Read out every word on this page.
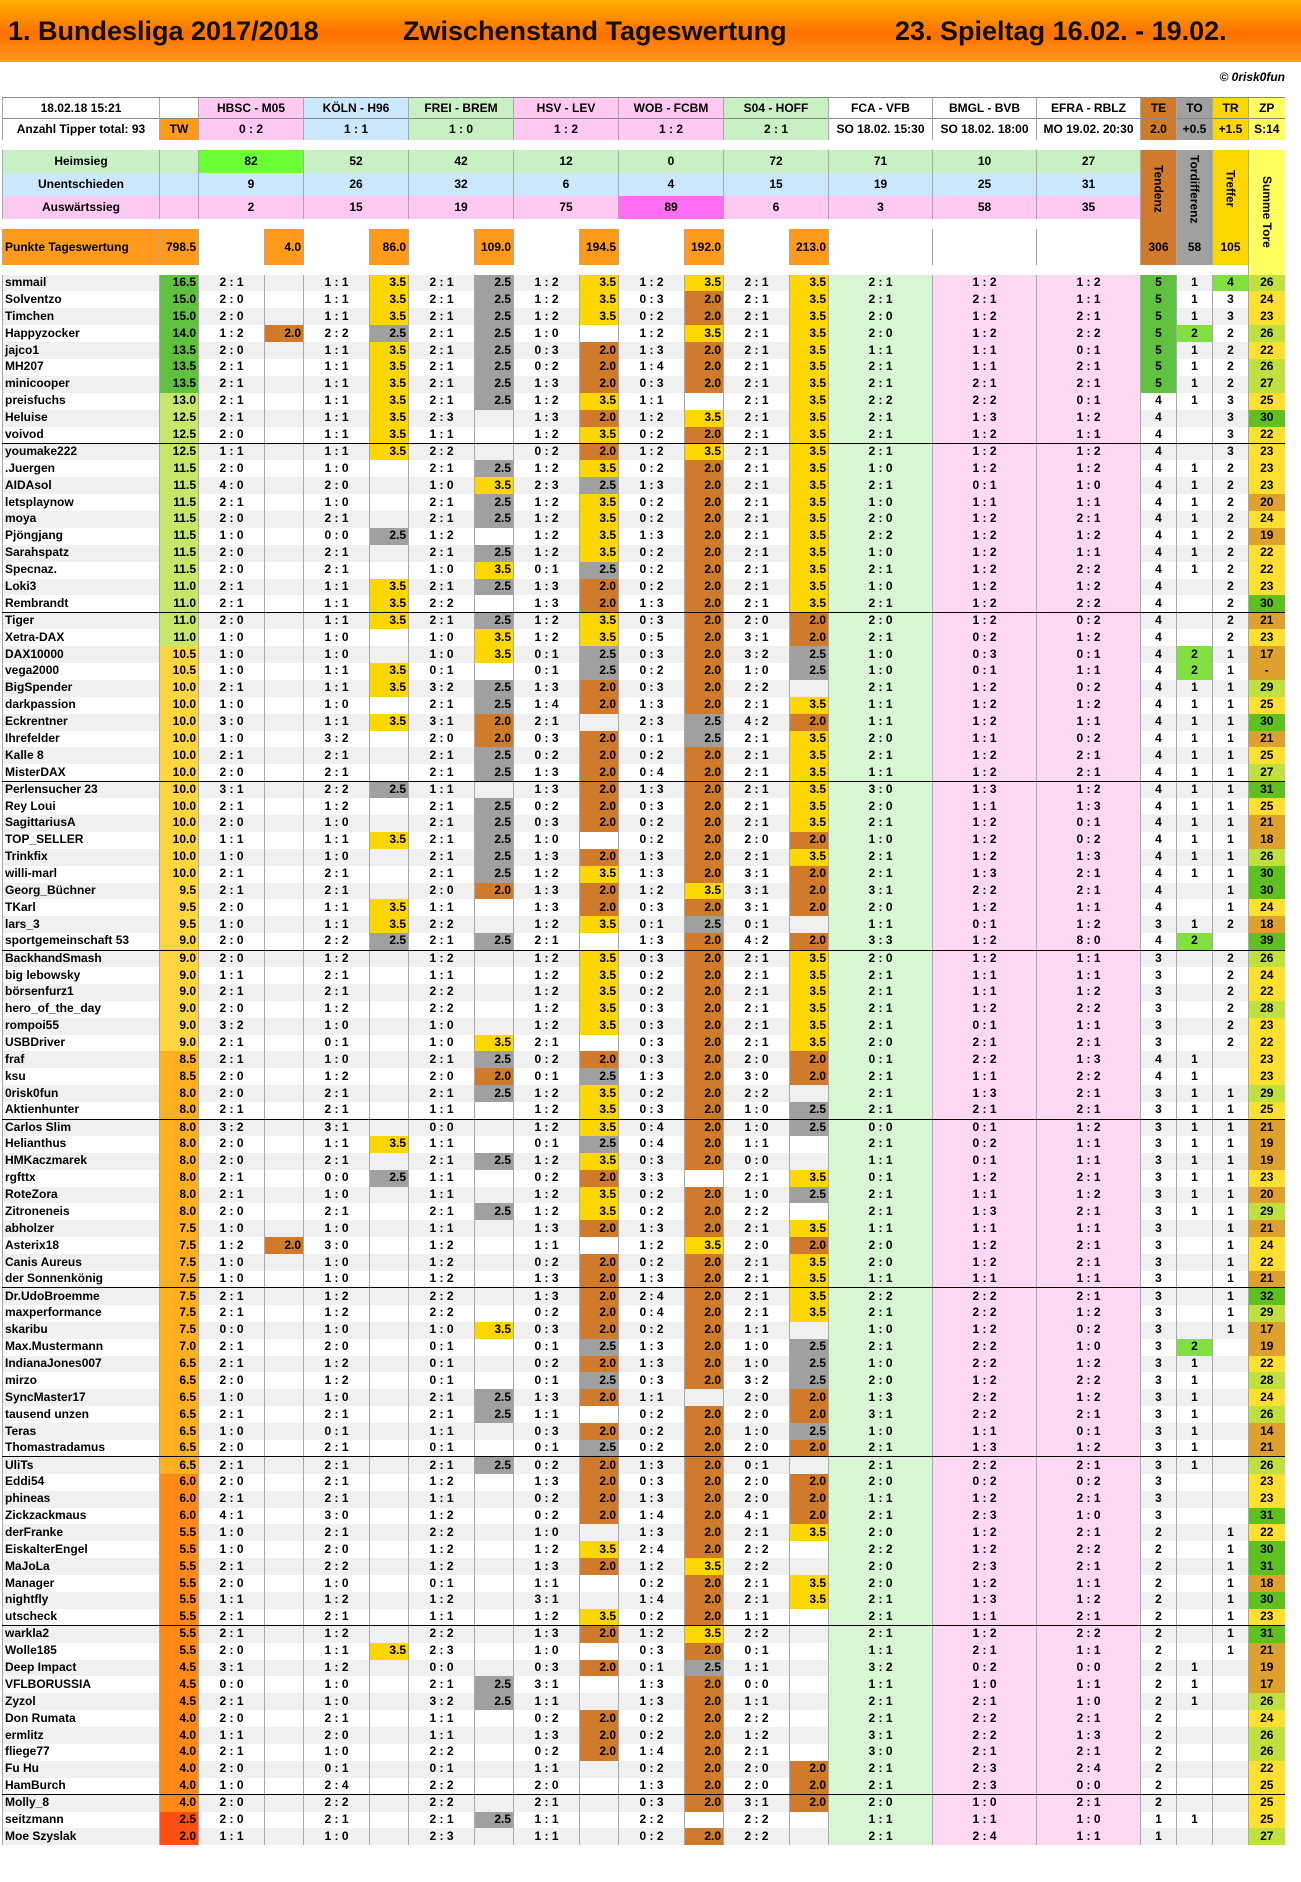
1. Bundesliga 2017/2018	Zwischenstand Tageswertung	23. Spieltag 16.02. - 19.02.
© 0risk0fun
18.02.18 15:21		HBSC - M05		KÖLN - H96		FREI - BREM		HSV - LEV		WOB - FCBM		S04 - HOFF		FCA - VFB	BMGL - BVB	EFRA - RBLZ	TE	TO	TR	ZP
Anzahl Tipper total: 93	TW	0 : 2		1 : 1		1 : 0		1 : 2		1 : 2		2 : 1		SO 18.02. 15:30	SO 18.02. 18:00	MO 19.02. 20:30	2.0	+0.5	+1.5	S:14

Heimsieg		82		52		42		12		0		72		71	10	27	Tendenz	Tordifferenz	Treffer	Summe Tore
Unentschieden		9		26		32		6		4		15		19	25	31				
Auswärtssieg		2		15		19		75		89		6		3	58	35				

Punkte Tageswertung	798.5		4.0		86.0		109.0		194.5		192.0		213.0				306	58	105	

smmail	16.5	2 : 1		1 : 1	3.5	2 : 1	2.5	1 : 2	3.5	1 : 2	3.5	2 : 1	3.5	2 : 1	1 : 2	1 : 2	5	1	4	26
Solventzo	15.0	2 : 0		1 : 1	3.5	2 : 1	2.5	1 : 2	3.5	0 : 3	2.0	2 : 1	3.5	2 : 1	2 : 1	1 : 1	5	1	3	24
Timchen	15.0	2 : 0		1 : 1	3.5	2 : 1	2.5	1 : 2	3.5	0 : 2	2.0	2 : 1	3.5	2 : 0	1 : 2	2 : 1	5	1	3	23
Happyzocker	14.0	1 : 2	2.0	2 : 2	2.5	2 : 1	2.5	1 : 0		1 : 2	3.5	2 : 1	3.5	2 : 0	1 : 2	2 : 2	5	2	2	26
jajco1	13.5	2 : 0		1 : 1	3.5	2 : 1	2.5	0 : 3	2.0	1 : 3	2.0	2 : 1	3.5	1 : 1	1 : 1	0 : 1	5	1	2	22
MH207	13.5	2 : 1		1 : 1	3.5	2 : 1	2.5	0 : 2	2.0	1 : 4	2.0	2 : 1	3.5	2 : 1	1 : 1	2 : 1	5	1	2	26
minicooper	13.5	2 : 1		1 : 1	3.5	2 : 1	2.5	1 : 3	2.0	0 : 3	2.0	2 : 1	3.5	2 : 1	2 : 1	2 : 1	5	1	2	27
preisfuchs	13.0	2 : 1		1 : 1	3.5	2 : 1	2.5	1 : 2	3.5	1 : 1		2 : 1	3.5	2 : 2	2 : 2	0 : 1	4	1	3	25
Heluise	12.5	2 : 1		1 : 1	3.5	2 : 3		1 : 3	2.0	1 : 2	3.5	2 : 1	3.5	2 : 1	1 : 3	1 : 2	4		3	30
voivod	12.5	2 : 0		1 : 1	3.5	1 : 1		1 : 2	3.5	0 : 2	2.0	2 : 1	3.5	2 : 1	1 : 2	1 : 1	4		3	22
youmake222	12.5	1 : 1		1 : 1	3.5	2 : 2		0 : 2	2.0	1 : 2	3.5	2 : 1	3.5	2 : 1	1 : 2	1 : 2	4		3	23
.Juergen	11.5	2 : 0		1 : 0		2 : 1	2.5	1 : 2	3.5	0 : 2	2.0	2 : 1	3.5	1 : 0	1 : 2	1 : 2	4	1	2	23
AIDAsol	11.5	4 : 0		2 : 0		1 : 0	3.5	2 : 3	2.5	1 : 3	2.0	2 : 1	3.5	2 : 1	0 : 1	1 : 0	4	1	2	23
letsplaynow	11.5	2 : 1		1 : 0		2 : 1	2.5	1 : 2	3.5	0 : 2	2.0	2 : 1	3.5	1 : 0	1 : 1	1 : 1	4	1	2	20
moya	11.5	2 : 0		2 : 1		2 : 1	2.5	1 : 2	3.5	0 : 2	2.0	2 : 1	3.5	2 : 0	1 : 2	2 : 1	4	1	2	24
Pjöngjang	11.5	1 : 0		0 : 0	2.5	1 : 2		1 : 2	3.5	1 : 3	2.0	2 : 1	3.5	2 : 2	1 : 2	1 : 2	4	1	2	19
Sarahspatz	11.5	2 : 0		2 : 1		2 : 1	2.5	1 : 2	3.5	0 : 2	2.0	2 : 1	3.5	1 : 0	1 : 2	1 : 1	4	1	2	22
Specnaz.	11.5	2 : 0		2 : 1		1 : 0	3.5	0 : 1	2.5	0 : 2	2.0	2 : 1	3.5	2 : 1	1 : 2	2 : 2	4	1	2	22
Loki3	11.0	2 : 1		1 : 1	3.5	2 : 1	2.5	1 : 3	2.0	0 : 2	2.0	2 : 1	3.5	1 : 0	1 : 2	1 : 2	4		2	23
Rembrandt	11.0	2 : 1		1 : 1	3.5	2 : 2		1 : 3	2.0	1 : 3	2.0	2 : 1	3.5	2 : 1	1 : 2	2 : 2	4		2	30
Tiger	11.0	2 : 0		1 : 1	3.5	2 : 1	2.5	1 : 2	3.5	0 : 3	2.0	2 : 0	2.0	2 : 0	1 : 2	0 : 2	4		2	21
Xetra-DAX	11.0	1 : 0		1 : 0		1 : 0	3.5	1 : 2	3.5	0 : 5	2.0	3 : 1	2.0	2 : 1	0 : 2	1 : 2	4		2	23
DAX10000	10.5	1 : 0		1 : 0		1 : 0	3.5	0 : 1	2.5	0 : 3	2.0	3 : 2	2.5	1 : 0	0 : 3	0 : 1	4	2	1	17
vega2000	10.5	1 : 0		1 : 1	3.5	0 : 1		0 : 1	2.5	0 : 2	2.0	1 : 0	2.5	1 : 0	0 : 1	1 : 1	4	2	1	-
BigSpender	10.0	2 : 1		1 : 1	3.5	3 : 2	2.5	1 : 3	2.0	0 : 3	2.0	2 : 2		2 : 1	1 : 2	0 : 2	4	1	1	29
darkpassion	10.0	1 : 0		1 : 0		2 : 1	2.5	1 : 4	2.0	1 : 3	2.0	2 : 1	3.5	1 : 1	1 : 2	1 : 2	4	1	1	25
Eckrentner	10.0	3 : 0		1 : 1	3.5	3 : 1	2.0	2 : 1		2 : 3	2.5	4 : 2	2.0	1 : 1	1 : 2	1 : 1	4	1	1	30
Ihrefelder	10.0	1 : 0		3 : 2		2 : 0	2.0	0 : 3	2.0	0 : 1	2.5	2 : 1	3.5	2 : 0	1 : 1	0 : 2	4	1	1	21
Kalle 8	10.0	2 : 1		2 : 1		2 : 1	2.5	0 : 2	2.0	0 : 2	2.0	2 : 1	3.5	2 : 1	1 : 2	2 : 1	4	1	1	25
MisterDAX	10.0	2 : 0		2 : 1		2 : 1	2.5	1 : 3	2.0	0 : 4	2.0	2 : 1	3.5	1 : 1	1 : 2	2 : 1	4	1	1	27
Perlensucher 23	10.0	3 : 1		2 : 2	2.5	1 : 1		1 : 3	2.0	1 : 3	2.0	2 : 1	3.5	3 : 0	1 : 3	1 : 2	4	1	1	31
Rey Loui	10.0	2 : 1		1 : 2		2 : 1	2.5	0 : 2	2.0	0 : 3	2.0	2 : 1	3.5	2 : 0	1 : 1	1 : 3	4	1	1	25
SagittariusA	10.0	2 : 0		1 : 0		2 : 1	2.5	0 : 3	2.0	0 : 2	2.0	2 : 1	3.5	2 : 1	1 : 2	0 : 1	4	1	1	21
TOP_SELLER	10.0	1 : 1		1 : 1	3.5	2 : 1	2.5	1 : 0		0 : 2	2.0	2 : 0	2.0	1 : 0	1 : 2	0 : 2	4	1	1	18
Trinkfix	10.0	1 : 0		1 : 0		2 : 1	2.5	1 : 3	2.0	1 : 3	2.0	2 : 1	3.5	2 : 1	1 : 2	1 : 3	4	1	1	26
willi-marl	10.0	2 : 1		2 : 1		2 : 1	2.5	1 : 2	3.5	1 : 3	2.0	3 : 1	2.0	2 : 1	1 : 3	2 : 1	4	1	1	30
Georg_Büchner	9.5	2 : 1		2 : 1		2 : 0	2.0	1 : 3	2.0	1 : 2	3.5	3 : 1	2.0	3 : 1	2 : 2	2 : 1	4		1	30
TKarl	9.5	2 : 0		1 : 1	3.5	1 : 1		1 : 3	2.0	0 : 3	2.0	3 : 1	2.0	2 : 0	1 : 2	1 : 1	4		1	24
lars_3	9.5	1 : 0		1 : 1	3.5	2 : 2		1 : 2	3.5	0 : 1	2.5	0 : 1		1 : 1	0 : 1	1 : 2	3	1	2	18
sportgemeinschaft 53	9.0	2 : 0		2 : 2	2.5	2 : 1	2.5	2 : 1		1 : 3	2.0	4 : 2	2.0	3 : 3	1 : 2	8 : 0	4	2		39
BackhandSmash	9.0	2 : 0		1 : 2		1 : 2		1 : 2	3.5	0 : 3	2.0	2 : 1	3.5	2 : 0	1 : 2	1 : 1	3		2	26
big lebowsky	9.0	1 : 1		2 : 1		1 : 1		1 : 2	3.5	0 : 2	2.0	2 : 1	3.5	2 : 1	1 : 1	1 : 1	3		2	24
börsenfurz1	9.0	2 : 1		2 : 1		2 : 2		1 : 2	3.5	0 : 2	2.0	2 : 1	3.5	2 : 1	1 : 1	1 : 2	3		2	22
hero_of_the_day	9.0	2 : 0		1 : 2		2 : 2		1 : 2	3.5	0 : 3	2.0	2 : 1	3.5	2 : 1	1 : 2	2 : 2	3		2	28
rompoi55	9.0	3 : 2		1 : 0		1 : 0		1 : 2	3.5	0 : 3	2.0	2 : 1	3.5	2 : 1	0 : 1	1 : 1	3		2	23
USBDriver	9.0	2 : 1		0 : 1		1 : 0	3.5	2 : 1		0 : 3	2.0	2 : 1	3.5	2 : 0	2 : 1	2 : 1	3		2	22
fraf	8.5	2 : 1		1 : 0		2 : 1	2.5	0 : 2	2.0	0 : 3	2.0	2 : 0	2.0	0 : 1	2 : 2	1 : 3	4	1		23
ksu	8.5	2 : 0		1 : 2		2 : 0	2.0	0 : 1	2.5	1 : 3	2.0	3 : 0	2.0	2 : 1	1 : 1	2 : 2	4	1		23
0risk0fun	8.0	2 : 0		2 : 1		2 : 1	2.5	1 : 2	3.5	0 : 2	2.0	2 : 2		2 : 1	1 : 3	2 : 1	3	1	1	29
Aktienhunter	8.0	2 : 1		2 : 1		1 : 1		1 : 2	3.5	0 : 3	2.0	1 : 0	2.5	2 : 1	2 : 1	2 : 1	3	1	1	25
Carlos Slim	8.0	3 : 2		3 : 1		0 : 0		1 : 2	3.5	0 : 4	2.0	1 : 0	2.5	0 : 0	0 : 1	1 : 2	3	1	1	21
Helianthus	8.0	2 : 0		1 : 1	3.5	1 : 1		0 : 1	2.5	0 : 4	2.0	1 : 1		2 : 1	0 : 2	1 : 1	3	1	1	19
HMKaczmarek	8.0	2 : 0		2 : 1		2 : 1	2.5	1 : 2	3.5	0 : 3	2.0	0 : 0		1 : 1	0 : 1	1 : 1	3	1	1	19
rgfttx	8.0	2 : 1		0 : 0	2.5	1 : 1		0 : 2	2.0	3 : 3		2 : 1	3.5	0 : 1	1 : 2	2 : 1	3	1	1	23
RoteZora	8.0	2 : 1		1 : 0		1 : 1		1 : 2	3.5	0 : 2	2.0	1 : 0	2.5	2 : 1	1 : 1	1 : 2	3	1	1	20
Zitroneneis	8.0	2 : 0		2 : 1		2 : 1	2.5	1 : 2	3.5	0 : 2	2.0	2 : 2		2 : 1	1 : 3	2 : 1	3	1	1	29
abholzer	7.5	1 : 0		1 : 0		1 : 1		1 : 3	2.0	1 : 3	2.0	2 : 1	3.5	1 : 1	1 : 1	1 : 1	3		1	21
Asterix18	7.5	1 : 2	2.0	3 : 0		1 : 2		1 : 1		1 : 2	3.5	2 : 0	2.0	2 : 0	1 : 2	2 : 1	3		1	24
Canis Aureus	7.5	1 : 0		1 : 0		1 : 2		0 : 2	2.0	0 : 2	2.0	2 : 1	3.5	2 : 0	1 : 2	2 : 1	3		1	22
der Sonnenkönig	7.5	1 : 0		1 : 0		1 : 2		1 : 3	2.0	1 : 3	2.0	2 : 1	3.5	1 : 1	1 : 1	1 : 1	3		1	21
Dr.UdoBroemme	7.5	2 : 1		1 : 2		2 : 2		1 : 3	2.0	2 : 4	2.0	2 : 1	3.5	2 : 2	2 : 2	2 : 1	3		1	32
maxperformance	7.5	2 : 1		1 : 2		2 : 2		0 : 2	2.0	0 : 4	2.0	2 : 1	3.5	2 : 1	2 : 2	1 : 2	3		1	29
skaribu	7.5	0 : 0		1 : 0		1 : 0	3.5	0 : 3	2.0	0 : 2	2.0	1 : 1		1 : 0	1 : 2	0 : 2	3		1	17
Max.Mustermann	7.0	2 : 1		2 : 0		0 : 1		0 : 1	2.5	1 : 3	2.0	1 : 0	2.5	2 : 1	2 : 2	1 : 0	3	2		19
IndianaJones007	6.5	2 : 1		1 : 2		0 : 1		0 : 2	2.0	1 : 3	2.0	1 : 0	2.5	1 : 0	2 : 2	1 : 2	3	1		22
mirzo	6.5	2 : 0		1 : 2		0 : 1		0 : 1	2.5	0 : 3	2.0	3 : 2	2.5	2 : 0	1 : 2	2 : 2	3	1		28
SyncMaster17	6.5	1 : 0		1 : 0		2 : 1	2.5	1 : 3	2.0	1 : 1		2 : 0	2.0	1 : 3	2 : 2	1 : 2	3	1		24
tausend unzen	6.5	2 : 1		2 : 1		2 : 1	2.5	1 : 1		0 : 2	2.0	2 : 0	2.0	3 : 1	2 : 2	2 : 1	3	1		26
Teras	6.5	1 : 0		0 : 1		1 : 1		0 : 3	2.0	0 : 2	2.0	1 : 0	2.5	1 : 0	1 : 1	0 : 1	3	1		14
Thomastradamus	6.5	2 : 0		2 : 1		0 : 1		0 : 1	2.5	0 : 2	2.0	2 : 0	2.0	2 : 1	1 : 3	1 : 2	3	1		21
UliTs	6.5	2 : 1		2 : 1		2 : 1	2.5	0 : 2	2.0	1 : 3	2.0	0 : 1		2 : 1	2 : 2	2 : 1	3	1		26
Eddi54	6.0	2 : 0		2 : 1		1 : 2		1 : 3	2.0	0 : 3	2.0	2 : 0	2.0	2 : 0	0 : 2	0 : 2	3			23
phineas	6.0	2 : 1		2 : 1		1 : 1		0 : 2	2.0	1 : 3	2.0	2 : 0	2.0	1 : 1	1 : 2	2 : 1	3			23
Zickzackmaus	6.0	4 : 1		3 : 0		1 : 2		0 : 2	2.0	1 : 4	2.0	4 : 1	2.0	2 : 1	2 : 3	1 : 0	3			31
derFranke	5.5	1 : 0		2 : 1		2 : 2		1 : 0		1 : 3	2.0	2 : 1	3.5	2 : 0	1 : 2	2 : 1	2		1	22
EiskalterEngel	5.5	1 : 0		2 : 0		1 : 2		1 : 2	3.5	2 : 4	2.0	2 : 2		2 : 2	1 : 2	2 : 2	2		1	30
MaJoLa	5.5	2 : 1		2 : 2		1 : 2		1 : 3	2.0	1 : 2	3.5	2 : 2		2 : 0	2 : 3	2 : 1	2		1	31
Manager	5.5	2 : 0		1 : 0		0 : 1		1 : 1		0 : 2	2.0	2 : 1	3.5	2 : 0	1 : 2	1 : 1	2		1	18
nightfly	5.5	1 : 1		1 : 2		1 : 2		3 : 1		1 : 4	2.0	2 : 1	3.5	2 : 1	1 : 3	1 : 2	2		1	30
utscheck	5.5	2 : 1		2 : 1		1 : 1		1 : 2	3.5	0 : 2	2.0	1 : 1		2 : 1	1 : 1	2 : 1	2		1	23
warkla2	5.5	2 : 1		1 : 2		2 : 2		1 : 3	2.0	1 : 2	3.5	2 : 2		2 : 1	1 : 2	2 : 2	2		1	31
Wolle185	5.5	2 : 0		1 : 1	3.5	2 : 3		1 : 0		0 : 3	2.0	0 : 1		1 : 1	2 : 1	1 : 1	2		1	21
Deep Impact	4.5	3 : 1		1 : 2		0 : 0		0 : 3	2.0	0 : 1	2.5	1 : 1		3 : 2	0 : 2	0 : 0	2	1		19
VFLBORUSSIA	4.5	0 : 0		1 : 0		2 : 1	2.5	3 : 1		1 : 3	2.0	0 : 0		1 : 1	1 : 0	1 : 1	2	1		17
Zyzol	4.5	2 : 1		1 : 0		3 : 2	2.5	1 : 1		1 : 3	2.0	1 : 1		2 : 1	2 : 1	1 : 0	2	1		26
Don Rumata	4.0	2 : 0		2 : 1		1 : 1		0 : 2	2.0	0 : 2	2.0	2 : 2		2 : 1	2 : 2	2 : 1	2			24
ermlitz	4.0	1 : 1		2 : 0		1 : 1		1 : 3	2.0	0 : 2	2.0	1 : 2		3 : 1	2 : 2	1 : 3	2			26
fliege77	4.0	2 : 1		1 : 0		2 : 2		0 : 2	2.0	1 : 4	2.0	2 : 1		3 : 0	2 : 1	2 : 1	2			26
Fu Hu	4.0	2 : 0		0 : 1		0 : 1		1 : 1		0 : 2	2.0	2 : 0	2.0	2 : 1	2 : 3	2 : 4	2			22
HamBurch	4.0	1 : 0		2 : 4		2 : 2		2 : 0		1 : 3	2.0	2 : 0	2.0	2 : 1	2 : 3	0 : 0	2			25
Molly_8	4.0	2 : 0		2 : 2		2 : 2		2 : 1		0 : 3	2.0	3 : 1	2.0	2 : 0	1 : 0	2 : 1	2			25
seitzmann	2.5	2 : 0		2 : 1		2 : 1	2.5	1 : 1		2 : 2		2 : 2		1 : 1	1 : 1	1 : 0	1	1		25
Moe Szyslak	2.0	1 : 1		1 : 0		2 : 3		1 : 1		0 : 2	2.0	2 : 2		2 : 1	2 : 4	1 : 1	1			27
